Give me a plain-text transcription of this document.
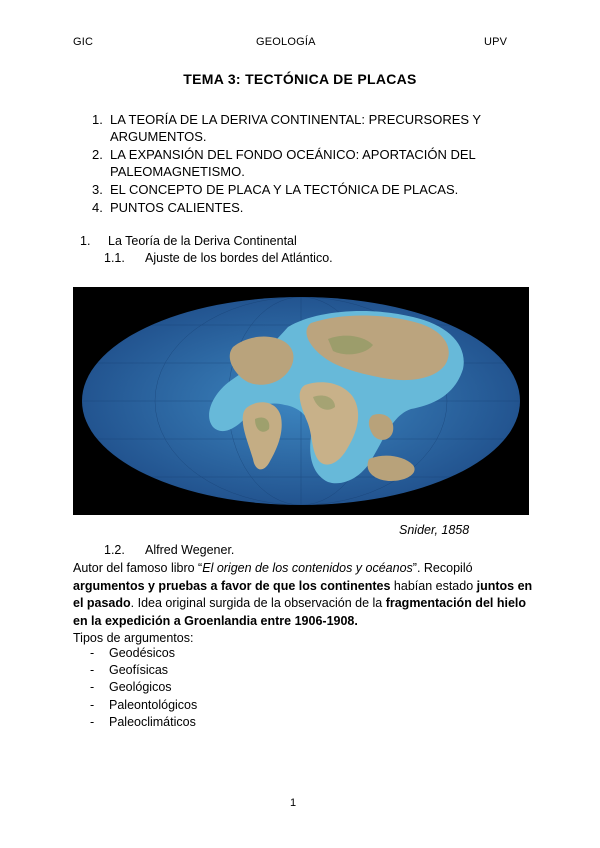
GIC	GEOLOGÍA	UPV
TEMA 3: TECTÓNICA DE PLACAS
1. LA TEORÍA DE LA DERIVA CONTINENTAL: PRECURSORES Y ARGUMENTOS.
2. LA EXPANSIÓN DEL FONDO OCEÁNICO: APORTACIÓN DEL PALEOMAGNETISMO.
3. EL CONCEPTO DE PLACA Y LA TECTÓNICA DE PLACAS.
4. PUNTOS CALIENTES.
1. La Teoría de la Deriva Continental
1.1. Ajuste de los bordes del Atlántico.
Snider, 1858
1.2. Alfred Wegener.
Autor del famoso libro “El origen de los contenidos y océanos”. Recopiló argumentos y pruebas a favor de que los continentes habían estado juntos en el pasado. Idea original surgida de la observación de la fragmentación del hielo en la expedición a Groenlandia entre 1906-1908.
Tipos de argumentos:
- Geodésicos
- Geofísicas
- Geológicos
- Paleontológicos
- Paleoclimáticos
1
